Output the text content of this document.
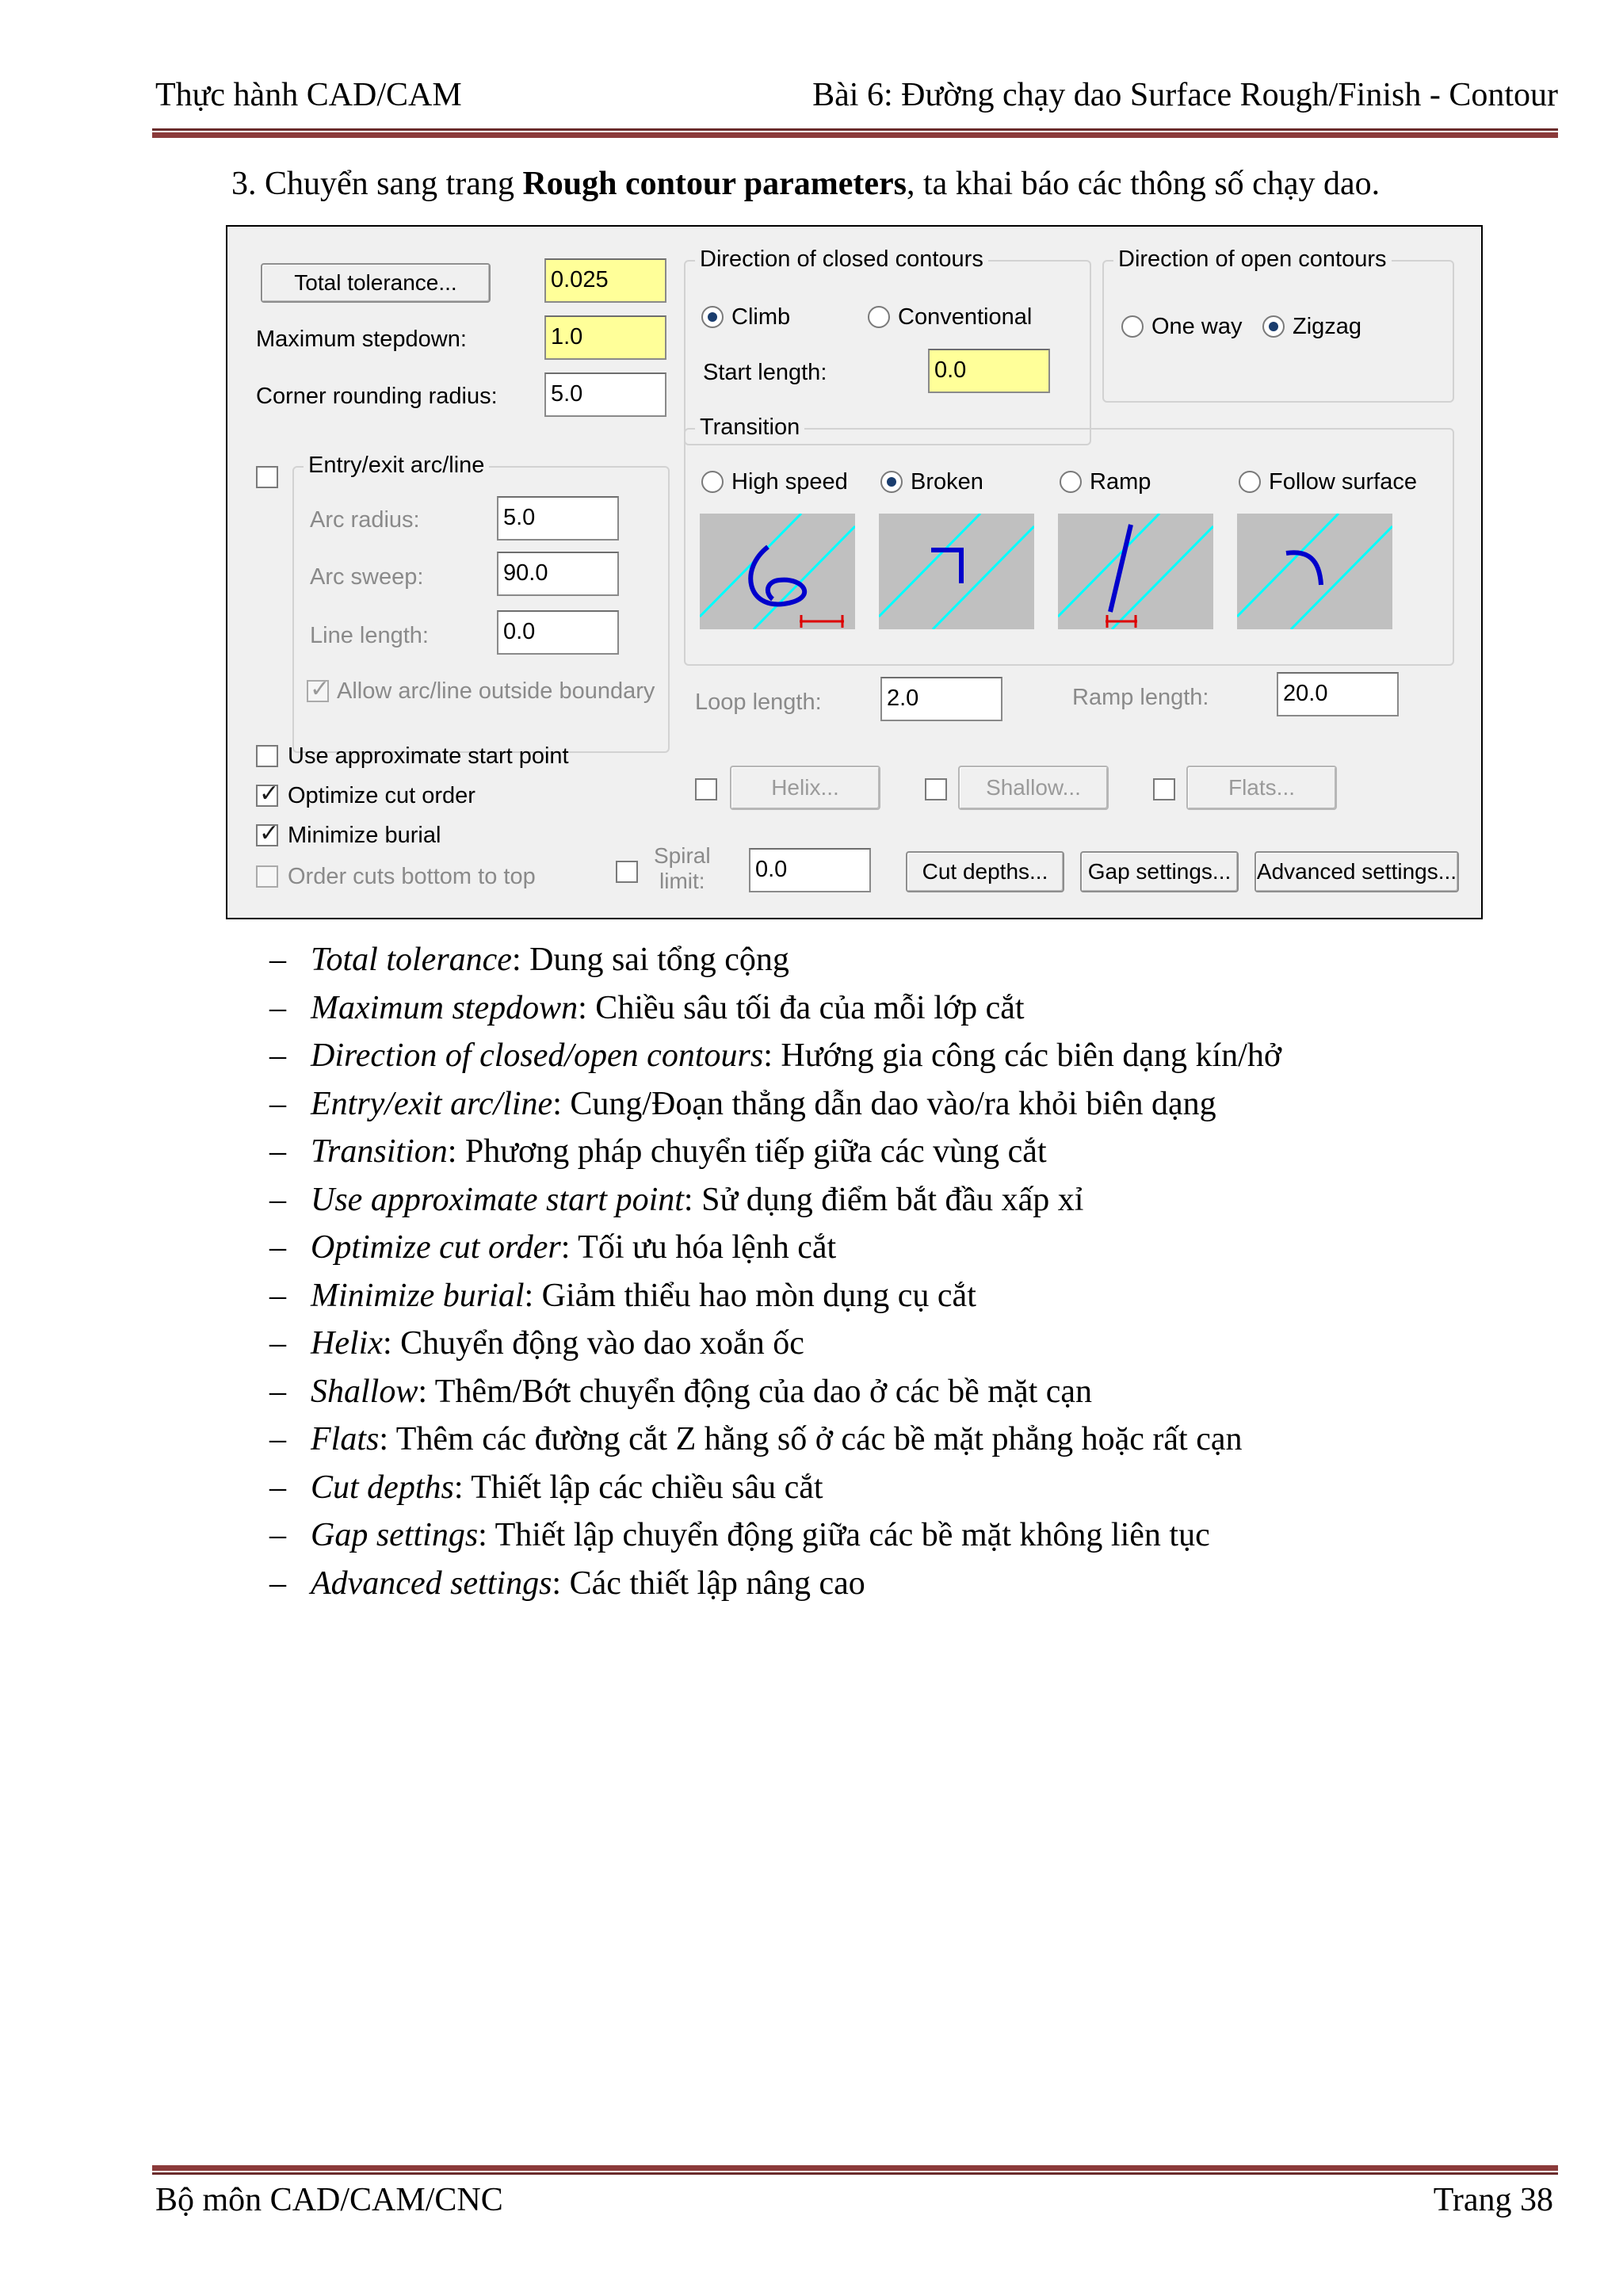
Thực hành CAD/CAM	Bài 6: Đường chạy dao Surface Rough/Finish - Contour
3. Chuyển sang trang Rough contour parameters, ta khai báo các thông số chạy dao.
Total tolerance...	0.025
Maximum stepdown:	1.0
Corner rounding radius: 5.0
Entry/exit arc/line
Arc radius:	5.0
Arc sweep:	90.0
Line length:	0.0
✓ Allow arc/line outside boundary
Use approximate start point
✓ Optimize cut order
✓ Minimize burial
Order cuts bottom to top
Direction of closed contours
Climb	Conventional
Start length:	0.0
Direction of open contours
One way Zigzag
Transition
High speed	Broken	Ramp	Follow surface
Loop length:	2.0	Ramp length:	20.0
Helix...	Shallow...	Flats...
Spiral
limit: 0.0	Cut depths...	Gap settings...	Advanced settings...
– Total tolerance: Dung sai tổng cộng
– Maximum stepdown: Chiều sâu tối đa của mỗi lớp cắt
– Direction of closed/open contours: Hướng gia công các biên dạng kín/hở
– Entry/exit arc/line: Cung/Đoạn thẳng dẫn dao vào/ra khỏi biên dạng
– Transition: Phương pháp chuyển tiếp giữa các vùng cắt
– Use approximate start point: Sử dụng điểm bắt đầu xấp xỉ
– Optimize cut order: Tối ưu hóa lệnh cắt
– Minimize burial: Giảm thiểu hao mòn dụng cụ cắt
– Helix: Chuyển động vào dao xoắn ốc
– Shallow: Thêm/Bớt chuyển động của dao ở các bề mặt cạn
– Flats: Thêm các đường cắt Z hằng số ở các bề mặt phẳng hoặc rất cạn
– Cut depths: Thiết lập các chiều sâu cắt
– Gap settings: Thiết lập chuyển động giữa các bề mặt không liên tục
– Advanced settings: Các thiết lập nâng cao
Bộ môn CAD/CAM/CNC	Trang 38
